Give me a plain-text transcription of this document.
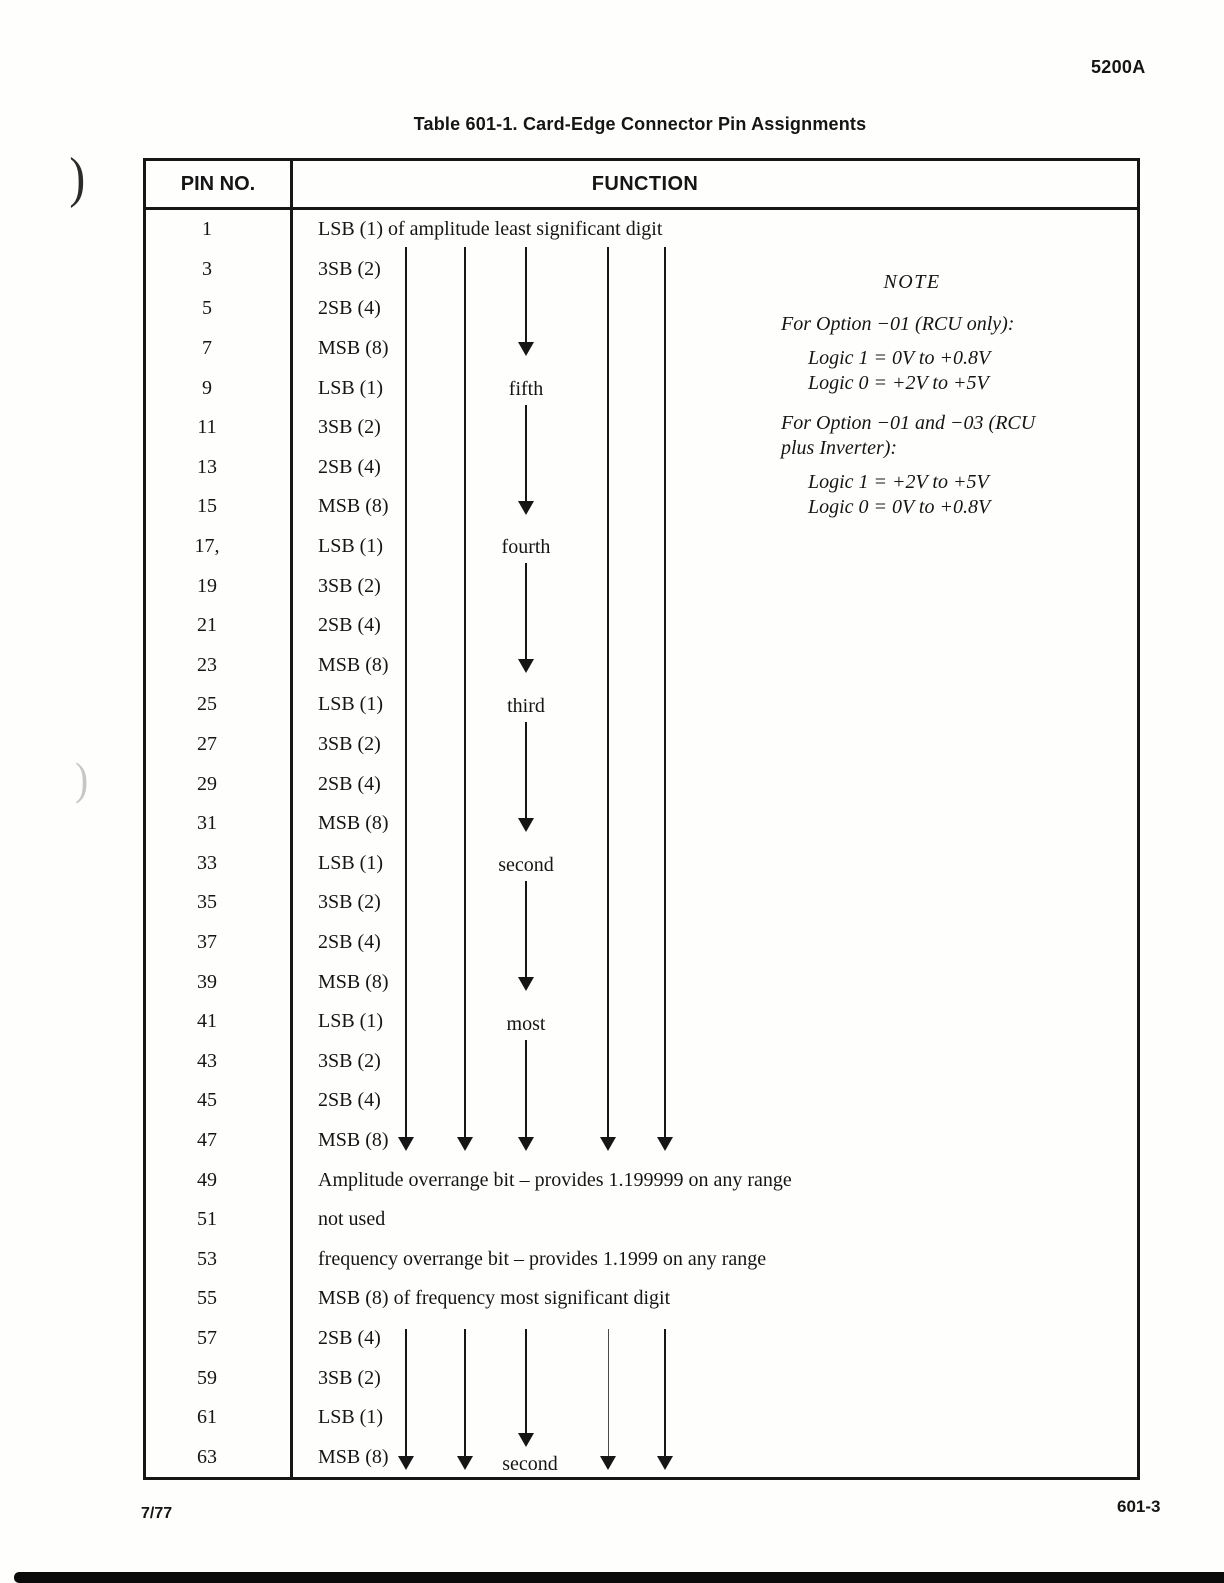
5200A
Table 601-1. Card-Edge Connector Pin Assignments
)
)
PIN NO.	FUNCTION
1	LSB (1) of amplitude least significant digit
3	3SB (2)
5	2SB (4)
7	MSB (8)
9	LSB (1)
11	3SB (2)
13	2SB (4)
15	MSB (8)
17,	LSB (1)
19	3SB (2)
21	2SB (4)
23	MSB (8)
25	LSB (1)
27	3SB (2)
29	2SB (4)
31	MSB (8)
33	LSB (1)
35	3SB (2)
37	2SB (4)
39	MSB (8)
41	LSB (1)
43	3SB (2)
45	2SB (4)
47	MSB (8)
49	Amplitude overrange bit – provides 1.199999 on any range
51	not used
53	frequency overrange bit – provides 1.1999 on any range
55	MSB (8) of frequency most significant digit
57	2SB (4)
59	3SB (2)
61	LSB (1)
63	MSB (8)
fifth
fourth
third
second
most
second
NOTE
For Option −01 (RCU only):
Logic 1 = 0V to +0.8V
Logic 0 = +2V to +5V
For Option −01 and −03 (RCU
plus Inverter):
Logic 1 = +2V to +5V
Logic 0 = 0V to +0.8V
7/77	601-3
